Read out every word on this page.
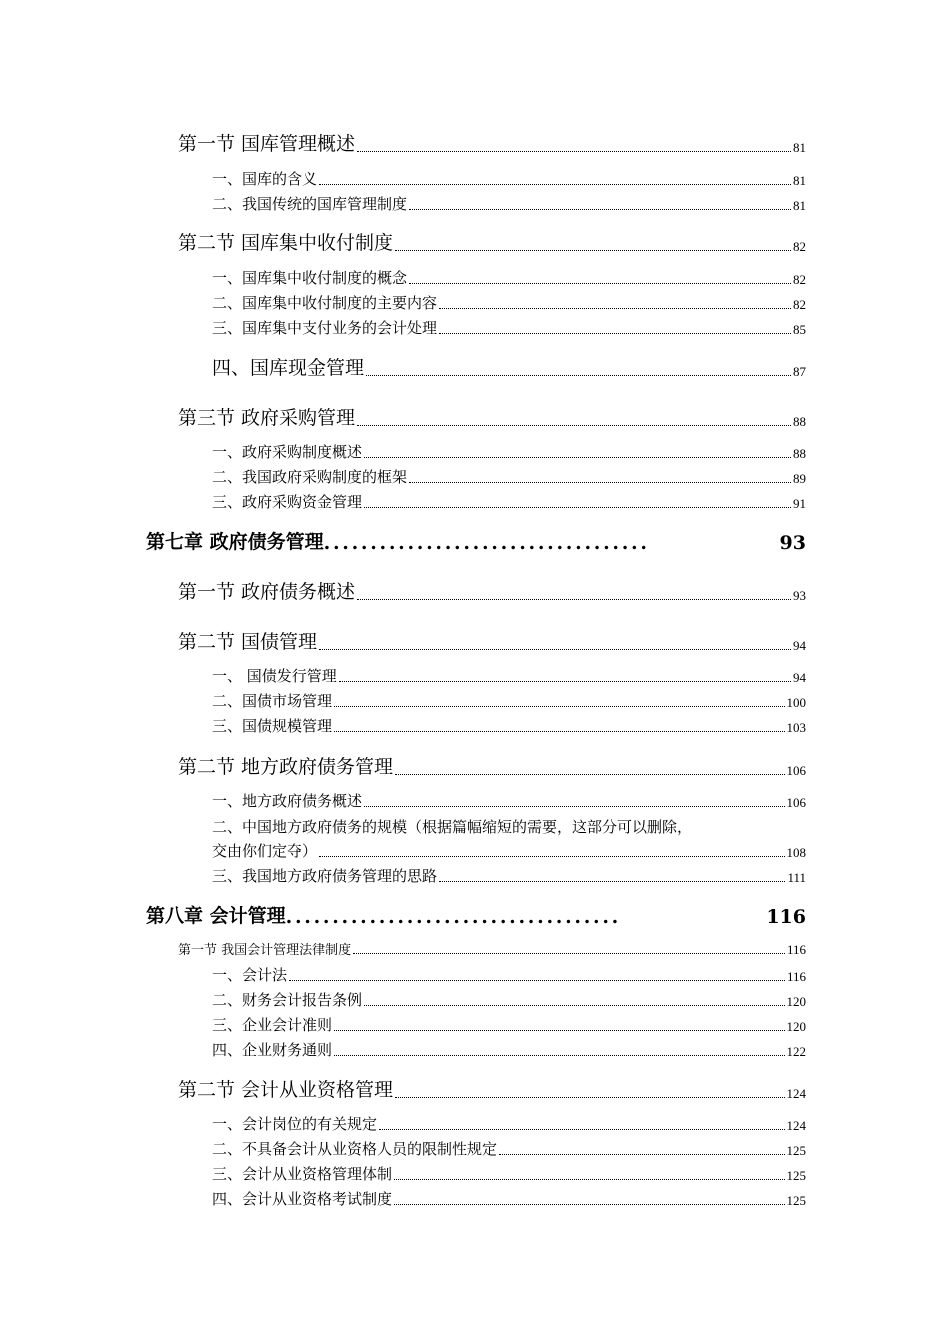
第一节 国库管理概述	81
一、国库的含义	81
二、我国传统的国库管理制度	81
第二节 国库集中收付制度	82
一、国库集中收付制度的概念	82
二、国库集中收付制度的主要内容	82
三、国库集中支付业务的会计处理	85
四、国库现金管理	87
第三节 政府采购管理	88
一、政府采购制度概述	88
二、我国政府采购制度的框架	89
三、政府采购资金管理	91
第七章 政府债务管理 ...................................	93
第一节 政府债务概述	93
第二节 国债管理	94
一、 国债发行管理	94
二、国债市场管理	100
三、国债规模管理	103
第二节 地方政府债务管理	106
一、地方政府债务概述	106
二、中国地方政府债务的规模（根据篇幅缩短的需要，这部分可以删除，
交由你们定夺）	108
三、我国地方政府债务管理的思路	111
第八章 会计管理 ....................................	116
第一节 我国会计管理法律制度	116
一、会计法	116
二、财务会计报告条例	120
三、企业会计准则	120
四、企业财务通则	122
第二节 会计从业资格管理	124
一、会计岗位的有关规定	124
二、不具备会计从业资格人员的限制性规定	125
三、会计从业资格管理体制	125
四、会计从业资格考试制度	125
